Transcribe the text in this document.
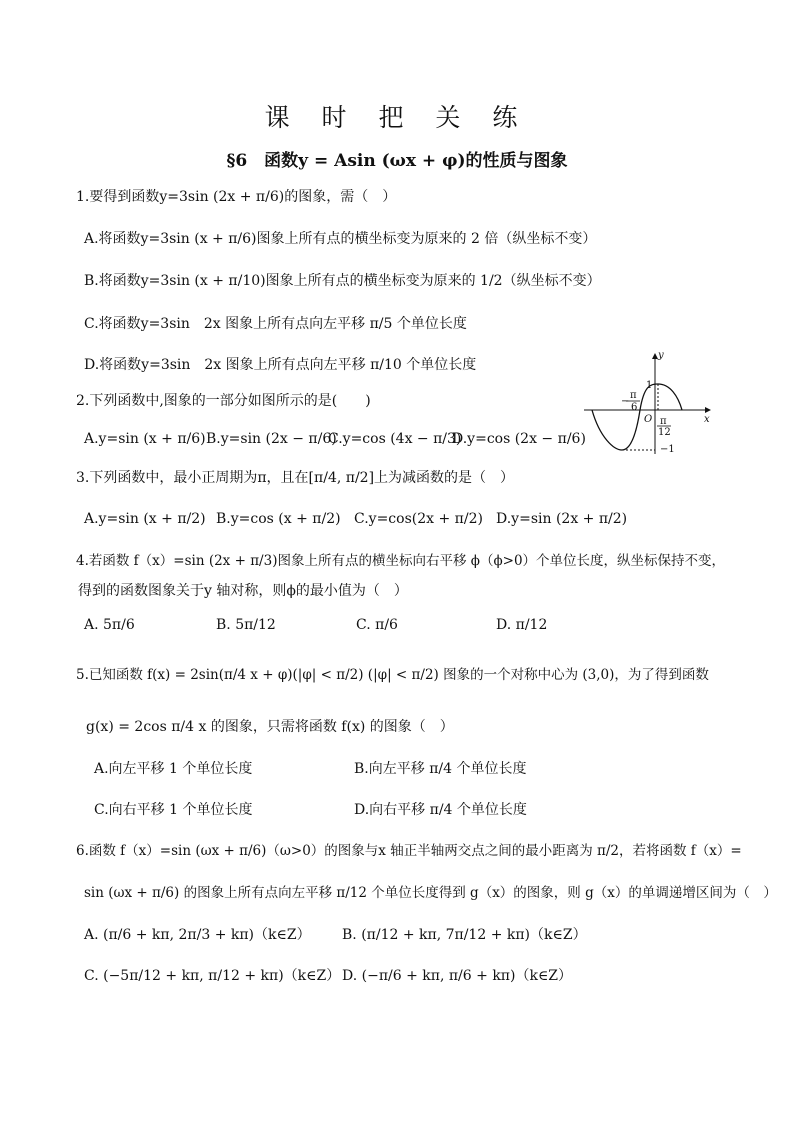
课 时 把 关 练
§6　函数y = Asin (ωx + φ)的性质与图象
1.要得到函数y=3sin (2x + π/6)的图象，需（　）
A.将函数y=3sin (x + π/6)图象上所有点的横坐标变为原来的 2 倍（纵坐标不变）
B.将函数y=3sin (x + π/10)图象上所有点的横坐标变为原来的 1/2（纵坐标不变）
C.将函数y=3sin　2x 图象上所有点向左平移 π/5 个单位长度
D.将函数y=3sin　2x 图象上所有点向左平移 π/10 个单位长度
2.下列函数中,图象的一部分如图所示的是(　　)
A.y=sin (x + π/6) B.y=sin (2x − π/6)
C.y=cos (4x − π/3)
D.y=cos (2x − π/6)
y
x
O
1
−1
π
6
−
π
12
3.下列函数中，最小正周期为π，且在[π/4, π/2]上为减函数的是（　）
A.y=sin (x + π/2) B.y=cos (x + π/2) C.y=cos(2x + π/2) D.y=sin (2x + π/2)
4.若函数 f（x）=sin (2x + π/3)图象上所有点的横坐标向右平移 ϕ（ϕ>0）个单位长度，纵坐标保持不变，
得到的函数图象关于y 轴对称，则ϕ的最小值为（　）
A. 5π/6	B. 5π/12	C. π/6	D. π/12
5.已知函数 f(x) = 2sin(π/4 x + φ)(|φ| < π/2) (|φ| < π/2) 图象的一个对称中心为 (3,0)，为了得到函数
g(x) = 2cos π/4 x 的图象，只需将函数 f(x) 的图象（　）
A.向左平移 1 个单位长度	B.向左平移 π/4 个单位长度
C.向右平移 1 个单位长度	D.向右平移 π/4 个单位长度
6.函数 f（x）=sin (ωx + π/6)（ω>0）的图象与x 轴正半轴两交点之间的最小距离为 π/2，若将函数 f（x）=
sin (ωx + π/6) 的图象上所有点向左平移 π/12 个单位长度得到 g（x）的图象，则 g（x）的单调递增区间为（　）
A. (π/6 + kπ, 2π/3 + kπ)（k∈Z） B. (π/12 + kπ, 7π/12 + kπ)（k∈Z）
C. (−5π/12 + kπ, π/12 + kπ)（k∈Z） D. (−π/6 + kπ, π/6 + kπ)（k∈Z）
